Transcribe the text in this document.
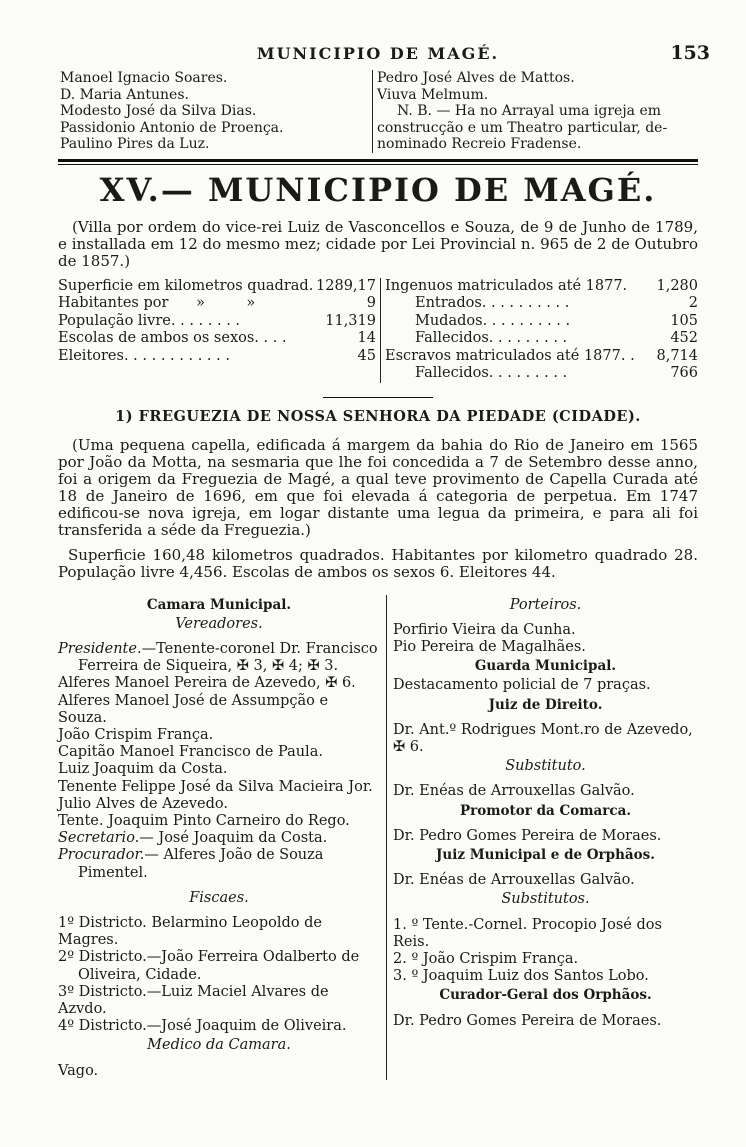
MUNICIPIO DE MAGÉ.	153
Manoel Ignacio Soares.
D. Maria Antunes.
Modesto José da Silva Dias.
Passidonio Antonio de Proença.
Paulino Pires da Luz.
Pedro José Alves de Mattos.
Viuva Melmum.
N. B. — Ha no Arrayal uma igreja em
construcção e um Theatro particular, de-
nominado Recreio Fradense.
XV.— MUNICIPIO DE MAGÉ.

(Villa por ordem do vice-rei Luiz de Vasconcellos e Souza, de 9 de Junho de 1789, e installada em 12 do mesmo mez; cidade por Lei Provincial n. 965 de 2 de Outubro de 1857.)

Superficie em kilometros quadrad. 1289,17
Habitantes por      »         »	9
População livre. . . . . . . .	11,319
Escolas de ambos os sexos. . . .	14
Eleitores. . . . . . . . . . . .	45
Ingenuos matriculados até 1877. 1,280
Entrados. . . . . . . . . .	2
Mudados. . . . . . . . . .	105
Fallecidos. . . . . . . . .	452
Escravos matriculados até 1877. . 8,714
Fallecidos. . . . . . . . .	766
1) FREGUEZIA DE NOSSA SENHORA DA PIEDADE (CIDADE).

(Uma pequena capella, edificada á margem da bahia do Rio de Janeiro em 1565 por João da Motta, na sesmaria que lhe foi concedida a 7 de Setembro desse anno, foi a origem da Freguezia de Magé, a qual teve provimento de Capella Curada até 18 de Janeiro de 1696, em que foi elevada á categoria de perpetua. Em 1747 edificou-se nova igreja, em logar distante uma legua da primeira, e para ali foi transferida a séde da Freguezia.)

Superficie 160,48 kilometros quadrados. Habitantes por kilometro quadrado 28. População livre 4,456. Escolas de ambos os sexos 6. Eleitores 44.

Camara Municipal.
Vereadores.
Presidente.—Tenente-coronel Dr. Francisco Ferreira de Siqueira, ✠ 3, ✠ 4; ✠ 3.
Alferes Manoel Pereira de Azevedo, ✠ 6.
Alferes Manoel José de Assumpção e Souza.
João Crispim França.
Capitão Manoel Francisco de Paula.
Luiz Joaquim da Costa.
Tenente Felippe José da Silva Macieira Jor.
Julio Alves de Azevedo.
Tente. Joaquim Pinto Carneiro do Rego.
Secretario.— José Joaquim da Costa.
Procurador.— Alferes João de Souza Pimentel.
Fiscaes.
1º Districto. Belarmino Leopoldo de Magres.
2º Districto.—João Ferreira Odalberto de Oliveira, Cidade.
3º Districto.—Luiz Maciel Alvares de Azvdo.
4º Districto.—José Joaquim de Oliveira.
Medico da Camara.
Vago.
Porteiros.
Porfirio Vieira da Cunha.
Pio Pereira de Magalhães.
Guarda Municipal.
Destacamento policial de 7 praças.
Juiz de Direito.
Dr. Ant.º Rodrigues Mont.ro de Azevedo, ✠ 6.
Substituto.
Dr. Enéas de Arrouxellas Galvão.
Promotor da Comarca.
Dr. Pedro Gomes Pereira de Moraes.
Juiz Municipal e de Orphãos.
Dr. Enéas de Arrouxellas Galvão.
Substitutos.
1. º Tente.-Cornel. Procopio José dos Reis.
2. º João Crispim França.
3. º Joaquim Luiz dos Santos Lobo.
Curador-Geral dos Orphãos.
Dr. Pedro Gomes Pereira de Moraes.
